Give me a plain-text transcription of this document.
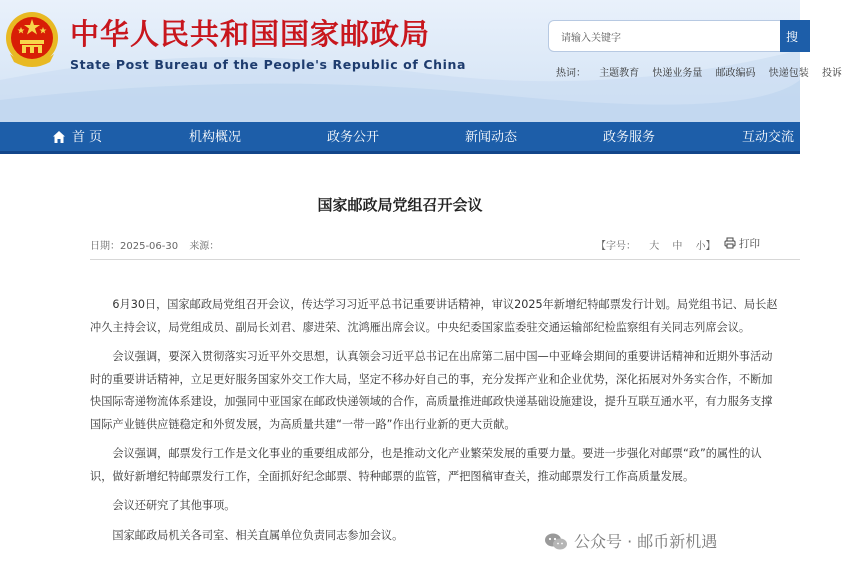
中华人民共和国国家邮政局
State Post Bureau of the People's Republic of China
请输入关键字	搜
热词： 主题教育 快递业务量 邮政编码 快递包装 投诉
首 页	机构概况	政务公开	新闻动态	政务服务	互动交流
国家邮政局党组召开会议
日期：2025-06-30 来源：	【字号： 大 中 小】	打印

6月30日，国家邮政局党组召开会议，传达学习习近平总书记重要讲话精神，审议2025年新增纪特邮票发行计划。局党组书记、局长赵冲久主持会议，局党组成员、副局长刘君、廖进荣、沈鸿雁出席会议。中央纪委国家监委驻交通运输部纪检监察组有关同志列席会议。

会议强调，要深入贯彻落实习近平外交思想，认真领会习近平总书记在出席第二届中国—中亚峰会期间的重要讲话精神和近期外事活动时的重要讲话精神，立足更好服务国家外交工作大局，坚定不移办好自己的事，充分发挥产业和企业优势，深化拓展对外务实合作，不断加快国际寄递物流体系建设，加强同中亚国家在邮政快递领域的合作，高质量推进邮政快递基础设施建设，提升互联互通水平，有力服务支撑国际产业链供应链稳定和外贸发展，为高质量共建“一带一路”作出行业新的更大贡献。

会议强调，邮票发行工作是文化事业的重要组成部分，也是推动文化产业繁荣发展的重要力量。要进一步强化对邮票“政”的属性的认识，做好新增纪特邮票发行工作，全面抓好纪念邮票、特种邮票的监管，严把图稿审查关，推动邮票发行工作高质量发展。

会议还研究了其他事项。

国家邮政局机关各司室、相关直属单位负责同志参加会议。	公众号 · 邮币新机遇
